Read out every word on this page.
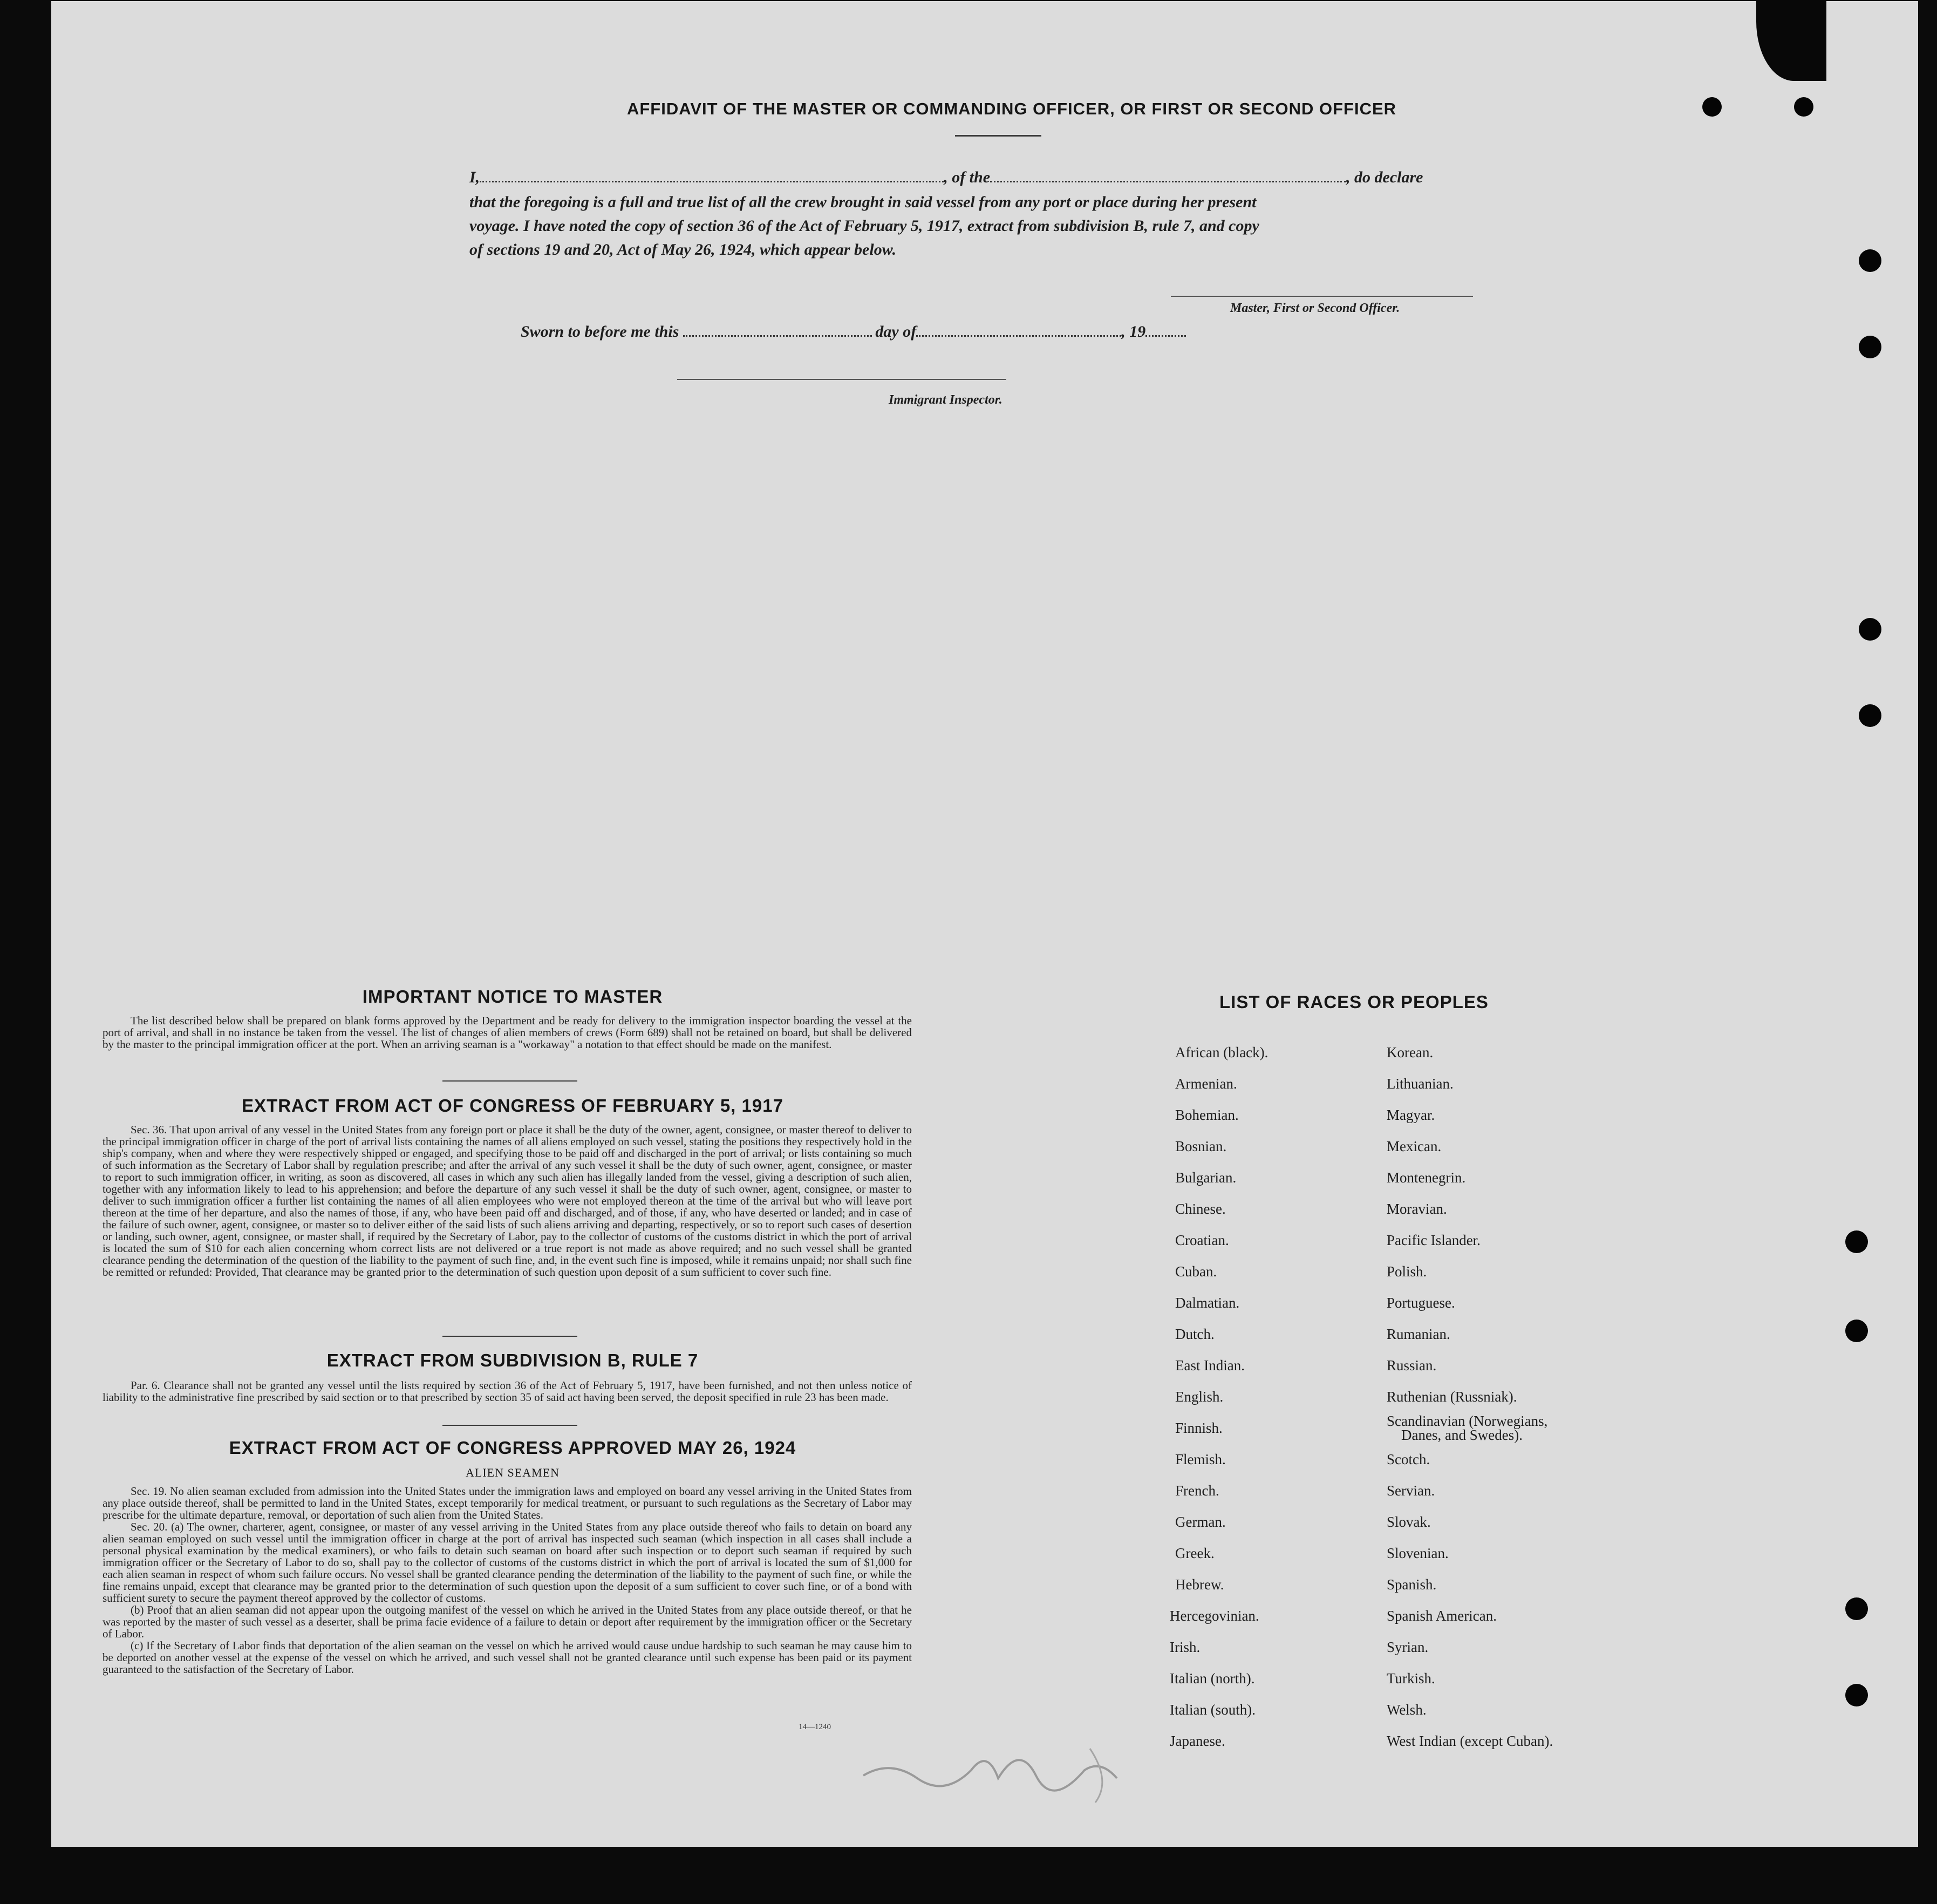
AFFIDAVIT OF THE MASTER OR COMMANDING OFFICER, OR FIRST OR SECOND OFFICER
I,	, of the	, do declare
that the foregoing is a full and true list of all the crew brought in said vessel from any port or place during her present
voyage. I have noted the copy of section 36 of the Act of February 5, 1917, extract from subdivision B, rule 7, and copy
of sections 19 and 20, Act of May 26, 1924, which appear below.
Master, First or Second Officer.
Sworn to before me this	day of	, 19
Immigrant Inspector.
IMPORTANT NOTICE TO MASTER

The list described below shall be prepared on blank forms approved by the Department and be ready for delivery to the immigration inspector boarding the vessel at the port of arrival, and shall in no instance be taken from the vessel. The list of changes of alien members of crews (Form 689) shall not be retained on board, but shall be delivered by the master to the principal immigration officer at the port. When an arriving seaman is a "workaway" a notation to that effect should be made on the manifest.

EXTRACT FROM ACT OF CONGRESS OF FEBRUARY 5, 1917

Sec. 36. That upon arrival of any vessel in the United States from any foreign port or place it shall be the duty of the owner, agent, consignee, or master thereof to deliver to the principal immigration officer in charge of the port of arrival lists containing the names of all aliens employed on such vessel, stating the positions they respectively hold in the ship's company, when and where they were respectively shipped or engaged, and specifying those to be paid off and discharged in the port of arrival; or lists containing so much of such information as the Secretary of Labor shall by regulation prescribe; and after the arrival of any such vessel it shall be the duty of such owner, agent, consignee, or master to report to such immigration officer, in writing, as soon as discovered, all cases in which any such alien has illegally landed from the vessel, giving a description of such alien, together with any information likely to lead to his apprehension; and before the departure of any such vessel it shall be the duty of such owner, agent, consignee, or master to deliver to such immigration officer a further list containing the names of all alien employees who were not employed thereon at the time of the arrival but who will leave port thereon at the time of her departure, and also the names of those, if any, who have been paid off and discharged, and of those, if any, who have deserted or landed; and in case of the failure of such owner, agent, consignee, or master so to deliver either of the said lists of such aliens arriving and departing, respectively, or so to report such cases of desertion or landing, such owner, agent, consignee, or master shall, if required by the Secretary of Labor, pay to the collector of customs of the customs district in which the port of arrival is located the sum of $10 for each alien concerning whom correct lists are not delivered or a true report is not made as above required; and no such vessel shall be granted clearance pending the determination of the question of the liability to the payment of such fine, and, in the event such fine is imposed, while it remains unpaid; nor shall such fine be remitted or refunded: Provided, That clearance may be granted prior to the determination of such question upon deposit of a sum sufficient to cover such fine.

EXTRACT FROM SUBDIVISION B, RULE 7

Par. 6. Clearance shall not be granted any vessel until the lists required by section 36 of the Act of February 5, 1917, have been furnished, and not then unless notice of liability to the administrative fine prescribed by said section or to that prescribed by section 35 of said act having been served, the deposit specified in rule 23 has been made.

EXTRACT FROM ACT OF CONGRESS APPROVED MAY 26, 1924
ALIEN SEAMEN

Sec. 19. No alien seaman excluded from admission into the United States under the immigration laws and employed on board any vessel arriving in the United States from any place outside thereof, shall be permitted to land in the United States, except temporarily for medical treatment, or pursuant to such regulations as the Secretary of Labor may prescribe for the ultimate departure, removal, or deportation of such alien from the United States.

Sec. 20. (a) The owner, charterer, agent, consignee, or master of any vessel arriving in the United States from any place outside thereof who fails to detain on board any alien seaman employed on such vessel until the immigration officer in charge at the port of arrival has inspected such seaman (which inspection in all cases shall include a personal physical examination by the medical examiners), or who fails to detain such seaman on board after such inspection or to deport such seaman if required by such immigration officer or the Secretary of Labor to do so, shall pay to the collector of customs of the customs district in which the port of arrival is located the sum of $1,000 for each alien seaman in respect of whom such failure occurs. No vessel shall be granted clearance pending the determination of the liability to the payment of such fine, or while the fine remains unpaid, except that clearance may be granted prior to the determination of such question upon the deposit of a sum sufficient to cover such fine, or of a bond with sufficient surety to secure the payment thereof approved by the collector of customs.

(b) Proof that an alien seaman did not appear upon the outgoing manifest of the vessel on which he arrived in the United States from any place outside thereof, or that he was reported by the master of such vessel as a deserter, shall be prima facie evidence of a failure to detain or deport after requirement by the immigration officer or the Secretary of Labor.

(c) If the Secretary of Labor finds that deportation of the alien seaman on the vessel on which he arrived would cause undue hardship to such seaman he may cause him to be deported on another vessel at the expense of the vessel on which he arrived, and such vessel shall not be granted clearance until such expense has been paid or its payment guaranteed to the satisfaction of the Secretary of Labor.

14—1240
LIST OF RACES OR PEOPLES
African (black).
Armenian.
Bohemian.
Bosnian.
Bulgarian.
Chinese.
Croatian.
Cuban.
Dalmatian.
Dutch.
East Indian.
English.
Finnish.
Flemish.
French.
German.
Greek.
Hebrew.
Hercegovinian.
Irish.
Italian (north).
Italian (south).
Japanese.
Korean.
Lithuanian.
Magyar.
Mexican.
Montenegrin.
Moravian.
Pacific Islander.
Polish.
Portuguese.
Rumanian.
Russian.
Ruthenian (Russniak).
Scandinavian (Norwegians,
Danes, and Swedes).
Scotch.
Servian.
Slovak.
Slovenian.
Spanish.
Spanish American.
Syrian.
Turkish.
Welsh.
West Indian (except Cuban).
